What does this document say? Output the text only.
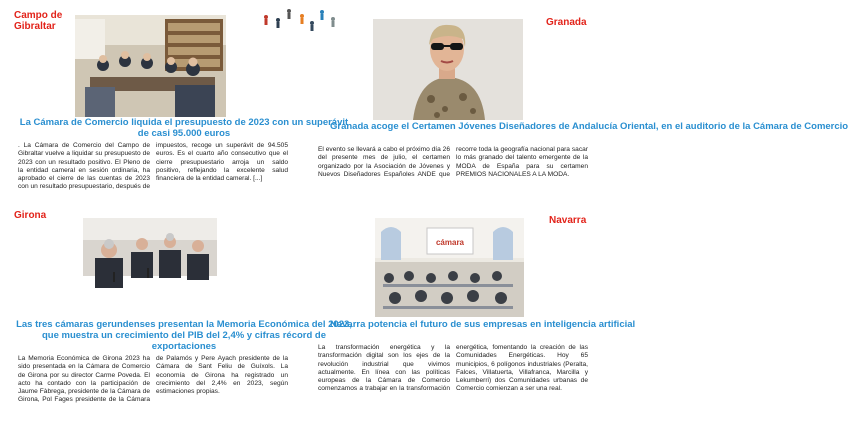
Campo de Gibraltar	Granada
Girona	Navarra
cámara
La Cámara de Comercio liquida el presupuesto de 2023 con un superávit de casi 95.000 euros
Granada acoge el Certamen Jóvenes Diseñadores de Andalucía Oriental, en el auditorio de la Cámara de Comercio
Las tres cámaras gerundenses presentan la Memoria Económica del 2023, que muestra un crecimiento del PIB del 2,4% y cifras récord de exportaciones
Navarra potencia el futuro de sus empresas en inteligencia artificial
. La Cámara de Comercio del Campo de Gibraltar vuelve a liquidar su presupuesto de 2023 con un resultado positivo. El Pleno de la entidad cameral en sesión ordinaria, ha aprobado el cierre de las cuentas de 2023 con un resultado presupuestario, después de impuestos, recoge un superávit de 94.505 euros. Es el cuarto año consecutivo que el cierre presupuestario arroja un saldo positivo, reflejando la excelente salud financiera de la entidad cameral. [...]
El evento se llevará a cabo el próximo día 26 del presente mes de julio, el certamen organizado por la Asociación de Jóvenes y Nuevos Diseñadores Españoles ANDE que recorre toda la geografía nacional para sacar lo más granado del talento emergente de la MODA de España para su certamen PREMIOS NACIONALES A LA MODA.
La Memoria Económica de Girona 2023 ha sido presentada en la Cámara de Comercio de Girona por su director Carme Poveda. El acto ha contado con la participación de Jaume Fàbrega, presidente de la Cámara de Girona, Pol Fages presidente de la Cámara de Palamós y Pere Ayach presidente de la Cámara de Sant Feliu de Guíxols. La economía de Girona ha registrado un crecimiento del 2,4% en 2023, según estimaciones propias.
La transformación energética y la transformación digital son los ejes de la revolución industrial que vivimos actualmente. En línea con las políticas europeas de la Cámara de Comercio comenzamos a trabajar en la transformación energética, fomentando la creación de las Comunidades Energéticas. Hoy 65 municipios, 6 polígonos industriales (Peralta, Falces, Villatuerta, Villafranca, Marcilla y Lekumberri) dos Comunidades urbanas de Comercio comienzan a ser una real.
